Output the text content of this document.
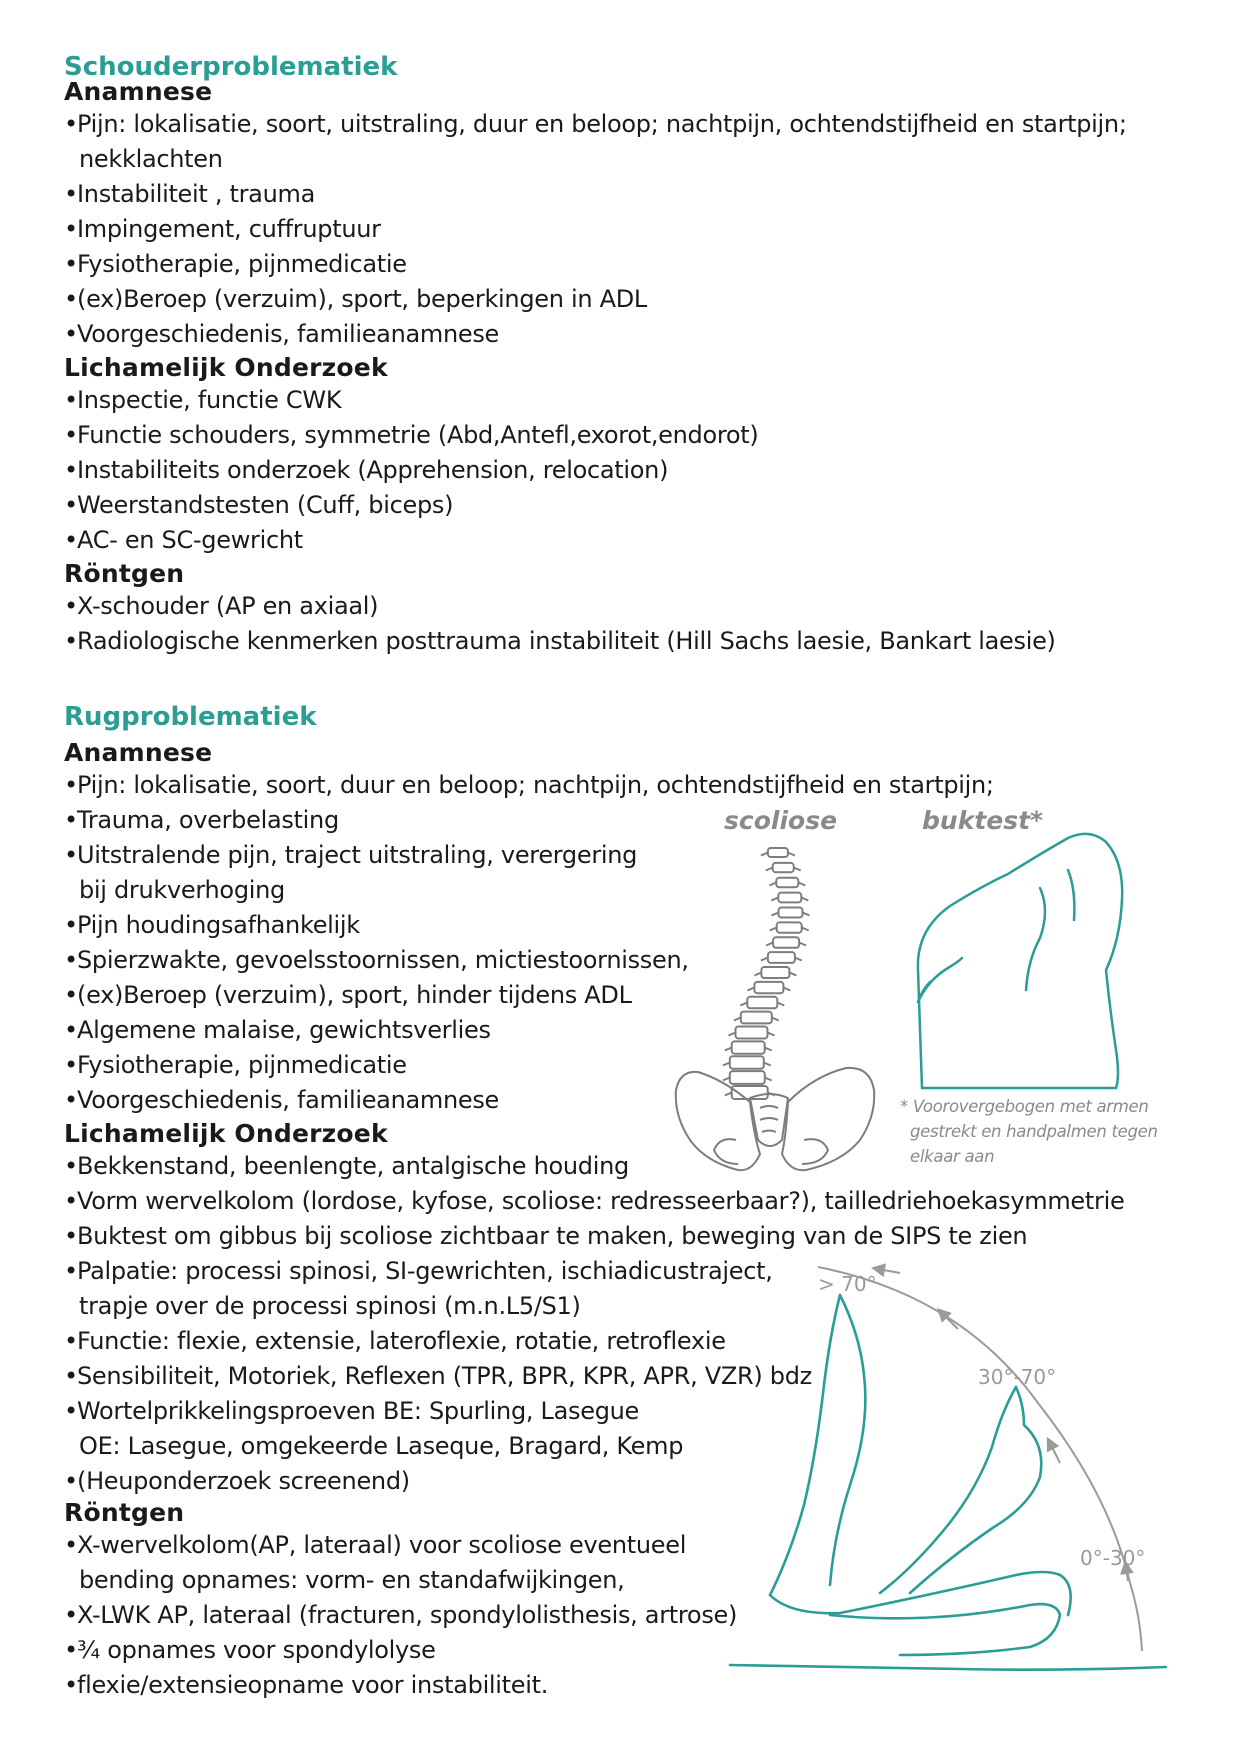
Schouderproblematiek
Anamnese
• Pijn: lokalisatie, soort, uitstraling, duur en beloop; nachtpijn, ochtendstijfheid en startpijn;
nekklachten
• Instabiliteit , trauma
• Impingement, cuffruptuur
• Fysiotherapie, pijnmedicatie
• (ex)Beroep (verzuim), sport, beperkingen in ADL
• Voorgeschiedenis, familieanamnese
Lichamelijk Onderzoek
• Inspectie, functie CWK
• Functie schouders, symmetrie (Abd,Antefl,exorot,endorot)
• Instabiliteits onderzoek (Apprehension, relocation)
• Weerstandstesten (Cuff, biceps)
• AC- en SC-gewricht
Röntgen
• X-schouder (AP en axiaal)
• Radiologische kenmerken posttrauma instabiliteit (Hill Sachs laesie, Bankart laesie)
Rugproblematiek
Anamnese
• Pijn: lokalisatie, soort, duur en beloop; nachtpijn, ochtendstijfheid en startpijn;
• Trauma, overbelasting
• Uitstralende pijn, traject uitstraling, verergering
bij drukverhoging
• Pijn houdingsafhankelijk
• Spierzwakte, gevoelsstoornissen, mictiestoornissen,
• (ex)Beroep (verzuim), sport, hinder tijdens ADL
• Algemene malaise, gewichtsverlies
• Fysiotherapie, pijnmedicatie
• Voorgeschiedenis, familieanamnese
Lichamelijk Onderzoek
• Bekkenstand, beenlengte, antalgische houding
• Vorm wervelkolom (lordose, kyfose, scoliose: redresseerbaar?), tailledriehoekasymmetrie
• Buktest om gibbus bij scoliose zichtbaar te maken, beweging van de SIPS te zien
• Palpatie: processi spinosi, SI-gewrichten, ischiadicustraject,
trapje over de processi spinosi (m.n.L5/S1)
• Functie: flexie, extensie, lateroflexie, rotatie, retroflexie
• Sensibiliteit, Motoriek, Reflexen (TPR, BPR, KPR, APR, VZR) bdz
• Wortelprikkelingsproeven BE: Spurling, Lasegue
OE: Lasegue, omgekeerde Laseque, Bragard, Kemp
• (Heuponderzoek screenend)
Röntgen
• X-wervelkolom(AP, lateraal) voor scoliose eventueel
bending opnames: vorm- en standafwijkingen,
• X-LWK AP, lateraal (fracturen, spondylolisthesis, artrose)
• ¾ opnames voor spondylolyse
• flexie/extensieopname voor instabiliteit.

scoliose	buktest*

* Voorovergebogen met armen
gestrekt en handpalmen tegen
elkaar aan

> 70°

30°-70°

0°-30°
